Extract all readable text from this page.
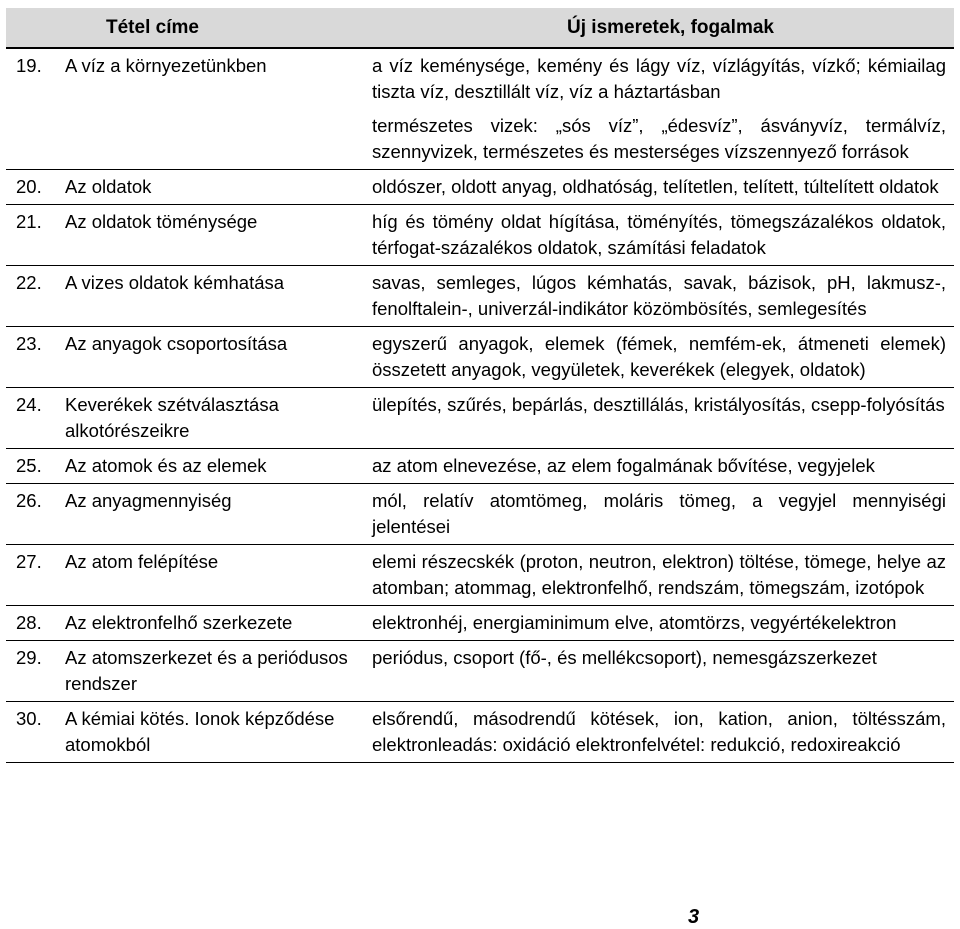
Tétel címe		Új ismeretek, fogalmak
19.	A víz a környezetünkben	a víz keménysége, kemény és lágy víz, vízlágyítás, vízkő; kémiailag tiszta víz, desztillált víz, víz a háztartásban
		természetes vizek: „sós víz”, „édesvíz”, ásványvíz, termálvíz, szennyvizek, természetes és mesterséges vízszennyező források
20.	Az oldatok	oldószer, oldott anyag, oldhatóság, telítetlen, telített, túltelített oldatok
21.	Az oldatok töménysége	híg és tömény oldat hígítása, töményítés, tömegszázalékos oldatok, térfogat-százalékos oldatok, számítási feladatok
22.	A vizes oldatok kémhatása	savas, semleges, lúgos kémhatás, savak, bázisok, pH, lakmusz-, fenolftalein-, univerzál-indikátor közömbösítés, semlegesítés
23.	Az anyagok csoportosítása	egyszerű anyagok, elemek (fémek, nemfém-ek, átmeneti elemek) összetett anyagok, vegyületek, keverékek (elegyek, oldatok)
24.	Keverékek szétválasztása alkotórészeikre	ülepítés, szűrés, bepárlás, desztillálás, kristályosítás, csepp-folyósítás
25.	Az atomok és az elemek	az atom elnevezése, az elem fogalmának bővítése, vegyjelek
26.	Az anyagmennyiség	mól, relatív atomtömeg, moláris tömeg, a vegyjel mennyiségi jelentései
27.	Az atom felépítése	elemi részecskék (proton, neutron, elektron) töltése, tömege, helye az atomban; atommag, elektronfelhő, rendszám, tömegszám, izotópok
28.	Az elektronfelhő szerkezete	elektronhéj, energiaminimum elve, atomtörzs, vegyértékelektron
29.	Az atomszerkezet és a periódusos rendszer	periódus, csoport (fő-, és mellékcsoport), nemesgázszerkezet
30.	A kémiai kötés. Ionok képződése atomokból	elsőrendű, másodrendű kötések, ion, kation, anion, töltésszám, elektronleadás: oxidáció elektronfelvétel: redukció, redoxireakció
3
